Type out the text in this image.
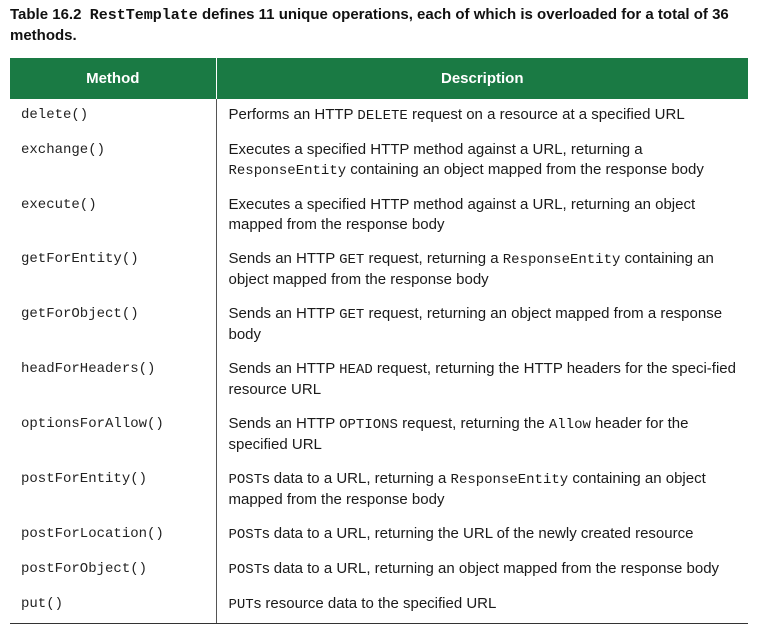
Table 16.2 RestTemplate defines 11 unique operations, each of which is overloaded for a total of 36 methods.
Method	Description
delete()	Performs an HTTP DELETE request on a resource at a specified URL
exchange()	Executes a specified HTTP method against a URL, returning a ResponseEntity containing an object mapped from the response body
execute()	Executes a specified HTTP method against a URL, returning an object mapped from the response body
getForEntity()	Sends an HTTP GET request, returning a ResponseEntity containing an object mapped from the response body
getForObject()	Sends an HTTP GET request, returning an object mapped from a response body
headForHeaders()	Sends an HTTP HEAD request, returning the HTTP headers for the speci-fied resource URL
optionsForAllow()	Sends an HTTP OPTIONS request, returning the Allow header for the specified URL
postForEntity()	POSTs data to a URL, returning a ResponseEntity containing an object mapped from the response body
postForLocation()	POSTs data to a URL, returning the URL of the newly created resource
postForObject()	POSTs data to a URL, returning an object mapped from the response body
put()	PUTs resource data to the specified URL
